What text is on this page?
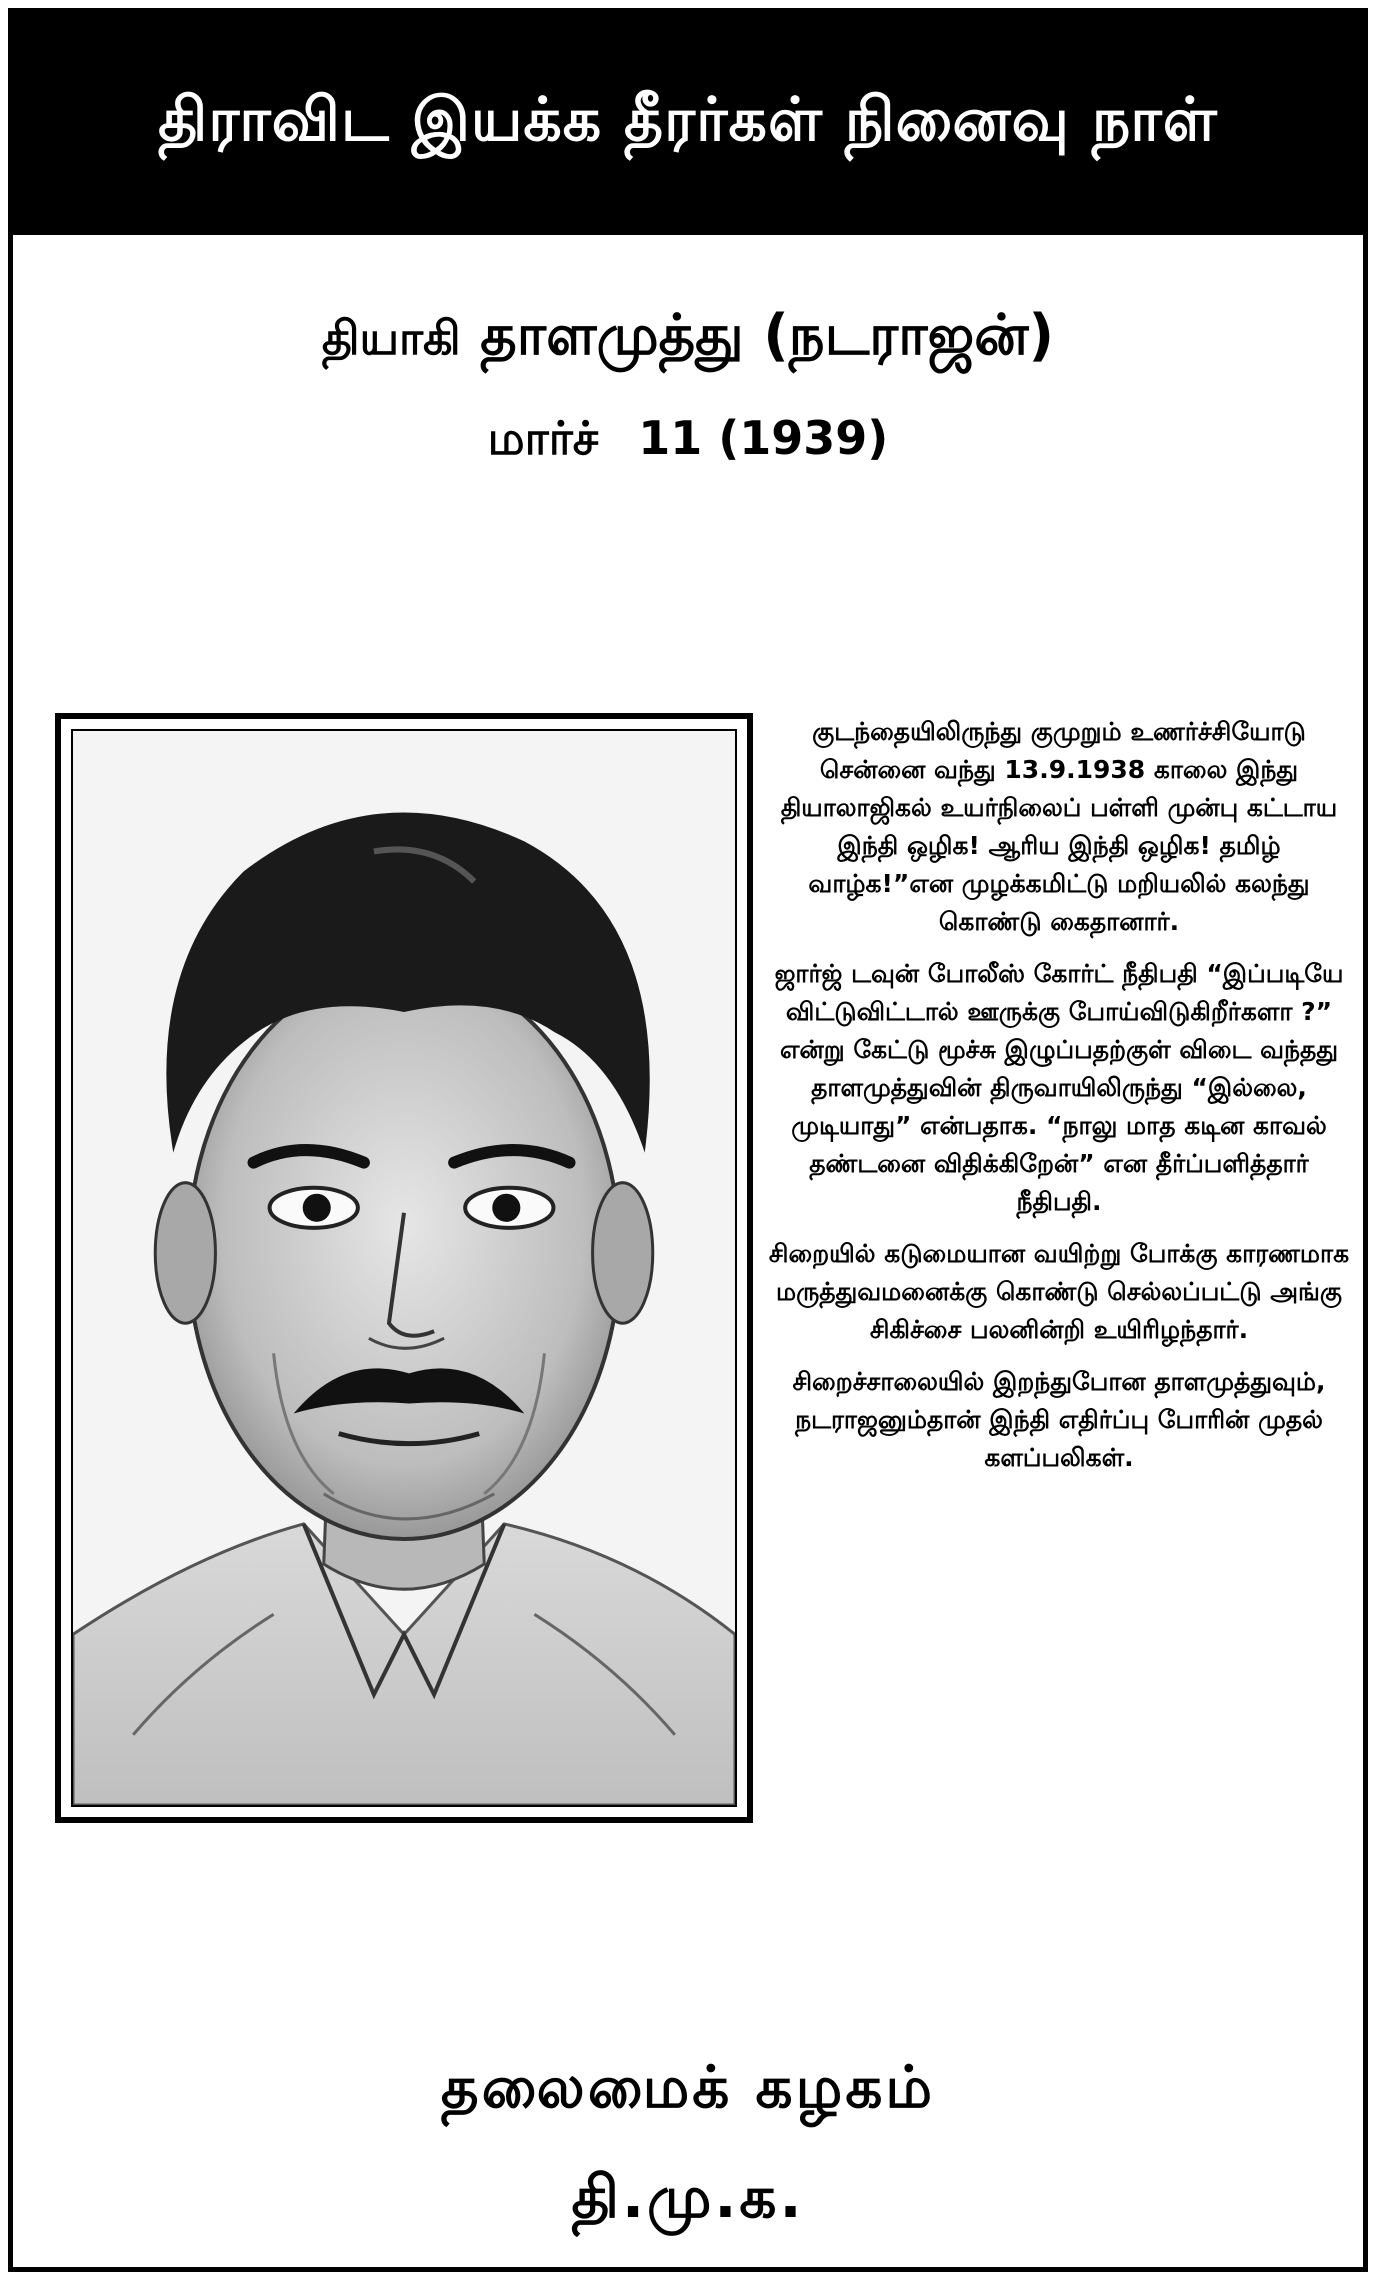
திராவிட இயக்க தீரர்கள் நினைவு நாள்
தியாகி தாளமுத்து (நடராஜன்)
மார்ச் 11 (1939)

குடந்தையிலிருந்து குமுறும் உணர்ச்சியோடு சென்னை வந்து 13.9.1938 காலை இந்து தியாலாஜிகல் உயர்நிலைப் பள்ளி முன்பு கட்டாய இந்தி ஒழிக! ஆரிய இந்தி ஒழிக! தமிழ் வாழ்க!”என முழக்கமிட்டு மறியலில் கலந்து கொண்டு கைதானார்.

ஜார்ஜ் டவுன் போலீஸ் கோர்ட் நீதிபதி “இப்படியே விட்டுவிட்டால் ஊருக்கு போய்விடுகிறீர்களா ?” என்று கேட்டு மூச்சு இழுப்பதற்குள் விடை வந்தது தாளமுத்துவின் திருவாயிலிருந்து “இல்லை, முடியாது” என்பதாக. “நாலு மாத கடின காவல் தண்டனை விதிக்கிறேன்” என தீர்ப்பளித்தார் நீதிபதி.

சிறையில் கடுமையான வயிற்று போக்கு காரணமாக மருத்துவமனைக்கு கொண்டு செல்லப்பட்டு அங்கு சிகிச்சை பலனின்றி உயிரிழந்தார்.

சிறைச்சாலையில் இறந்துபோன தாளமுத்துவும், நடராஜனும்தான் இந்தி எதிர்ப்பு போரின் முதல் களப்பலிகள்.

தலைமைக் கழகம்
தி.மு.க.
